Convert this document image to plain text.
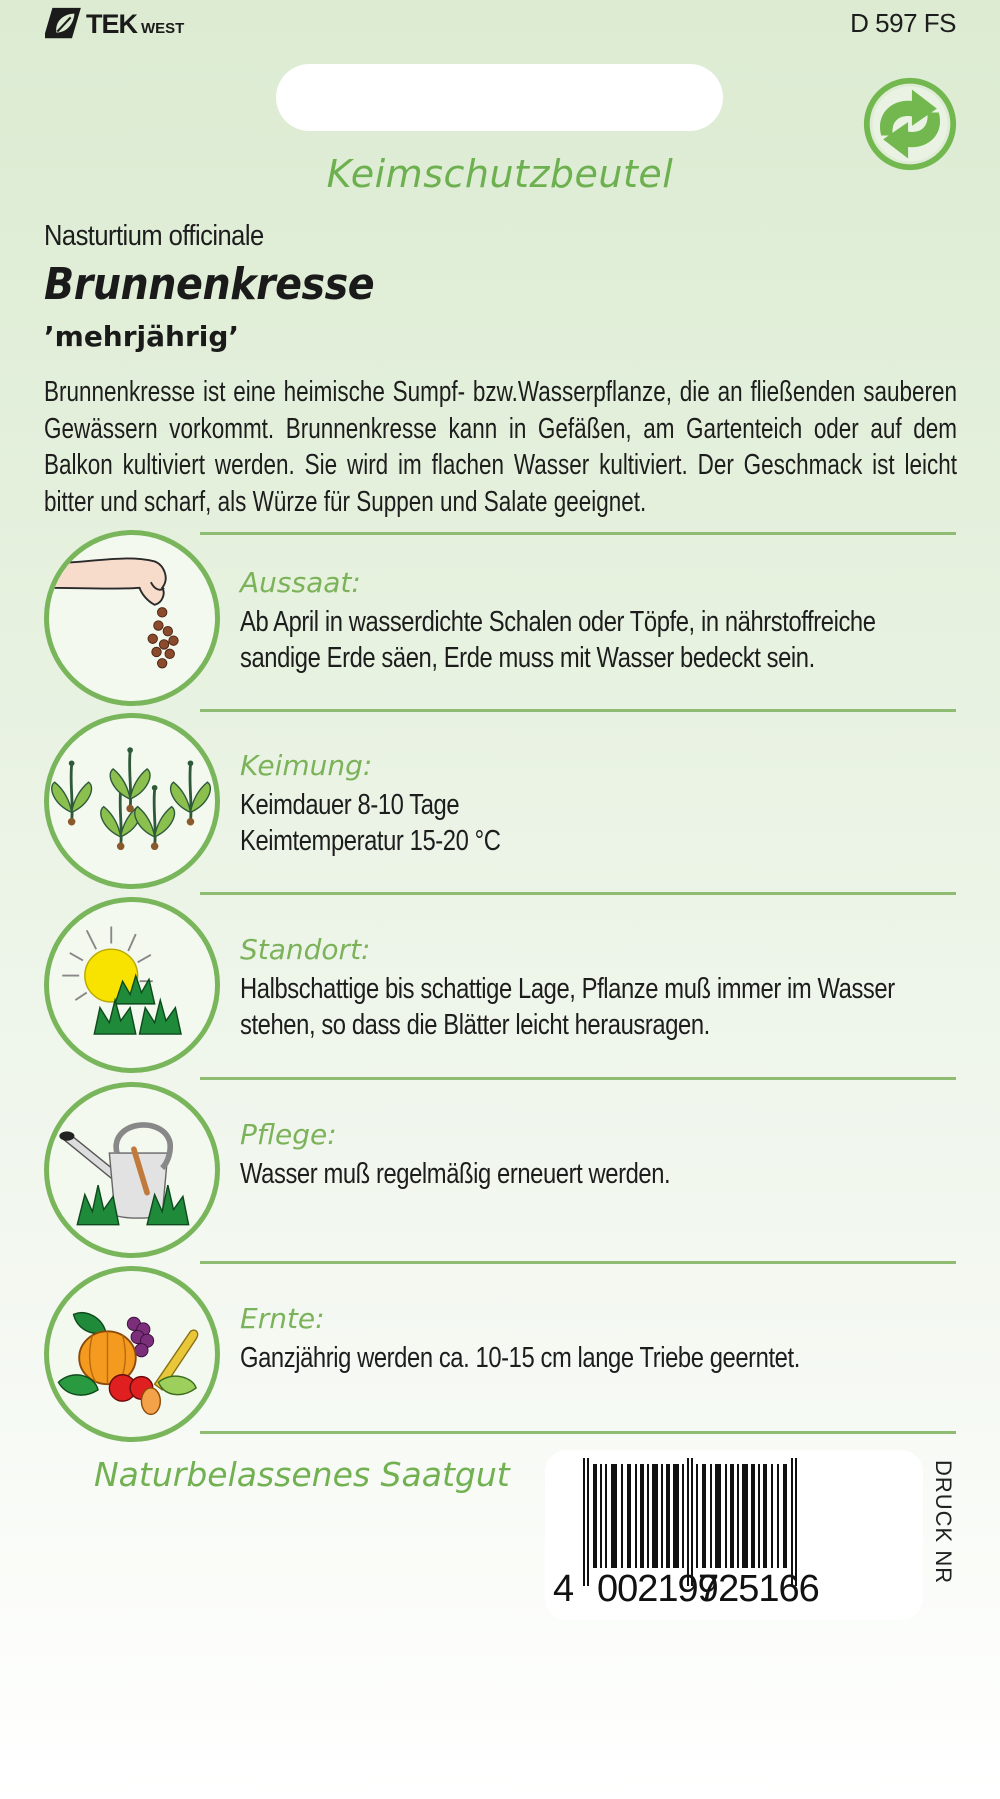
TEK WEST	D 597 FS
Keimschutzbeutel
Nasturtium officinale
Brunnenkresse
’mehrjährig’
Brunnenkresse ist eine heimische Sumpf- bzw.Wasserpflanze, die an fließenden sauberen Gewässern vorkommt. Brunnenkresse kann in Gefäßen, am Gartenteich oder auf dem Balkon kultiviert werden. Sie wird im flachen Wasser kultiviert. Der Geschmack ist leicht bitter und scharf, als Würze für Suppen und Salate geeignet.
Aussaat:
Ab April in wasserdichte Schalen oder Töpfe, in nährstoffreiche
sandige Erde säen, Erde muss mit Wasser bedeckt sein.
Keimung:
Keimdauer 8-10 Tage
Keimtemperatur 15-20 °C
Standort:
Halbschattige bis schattige Lage, Pflanze muß immer im Wasser
stehen, so dass die Blätter leicht herausragen.
Pflege:
Wasser muß regelmäßig erneuert werden.
Ernte:
Ganzjährig werden ca. 10-15 cm lange Triebe geerntet.
Naturbelassenes Saatgut
4 002199
725166
DRUCK NR
